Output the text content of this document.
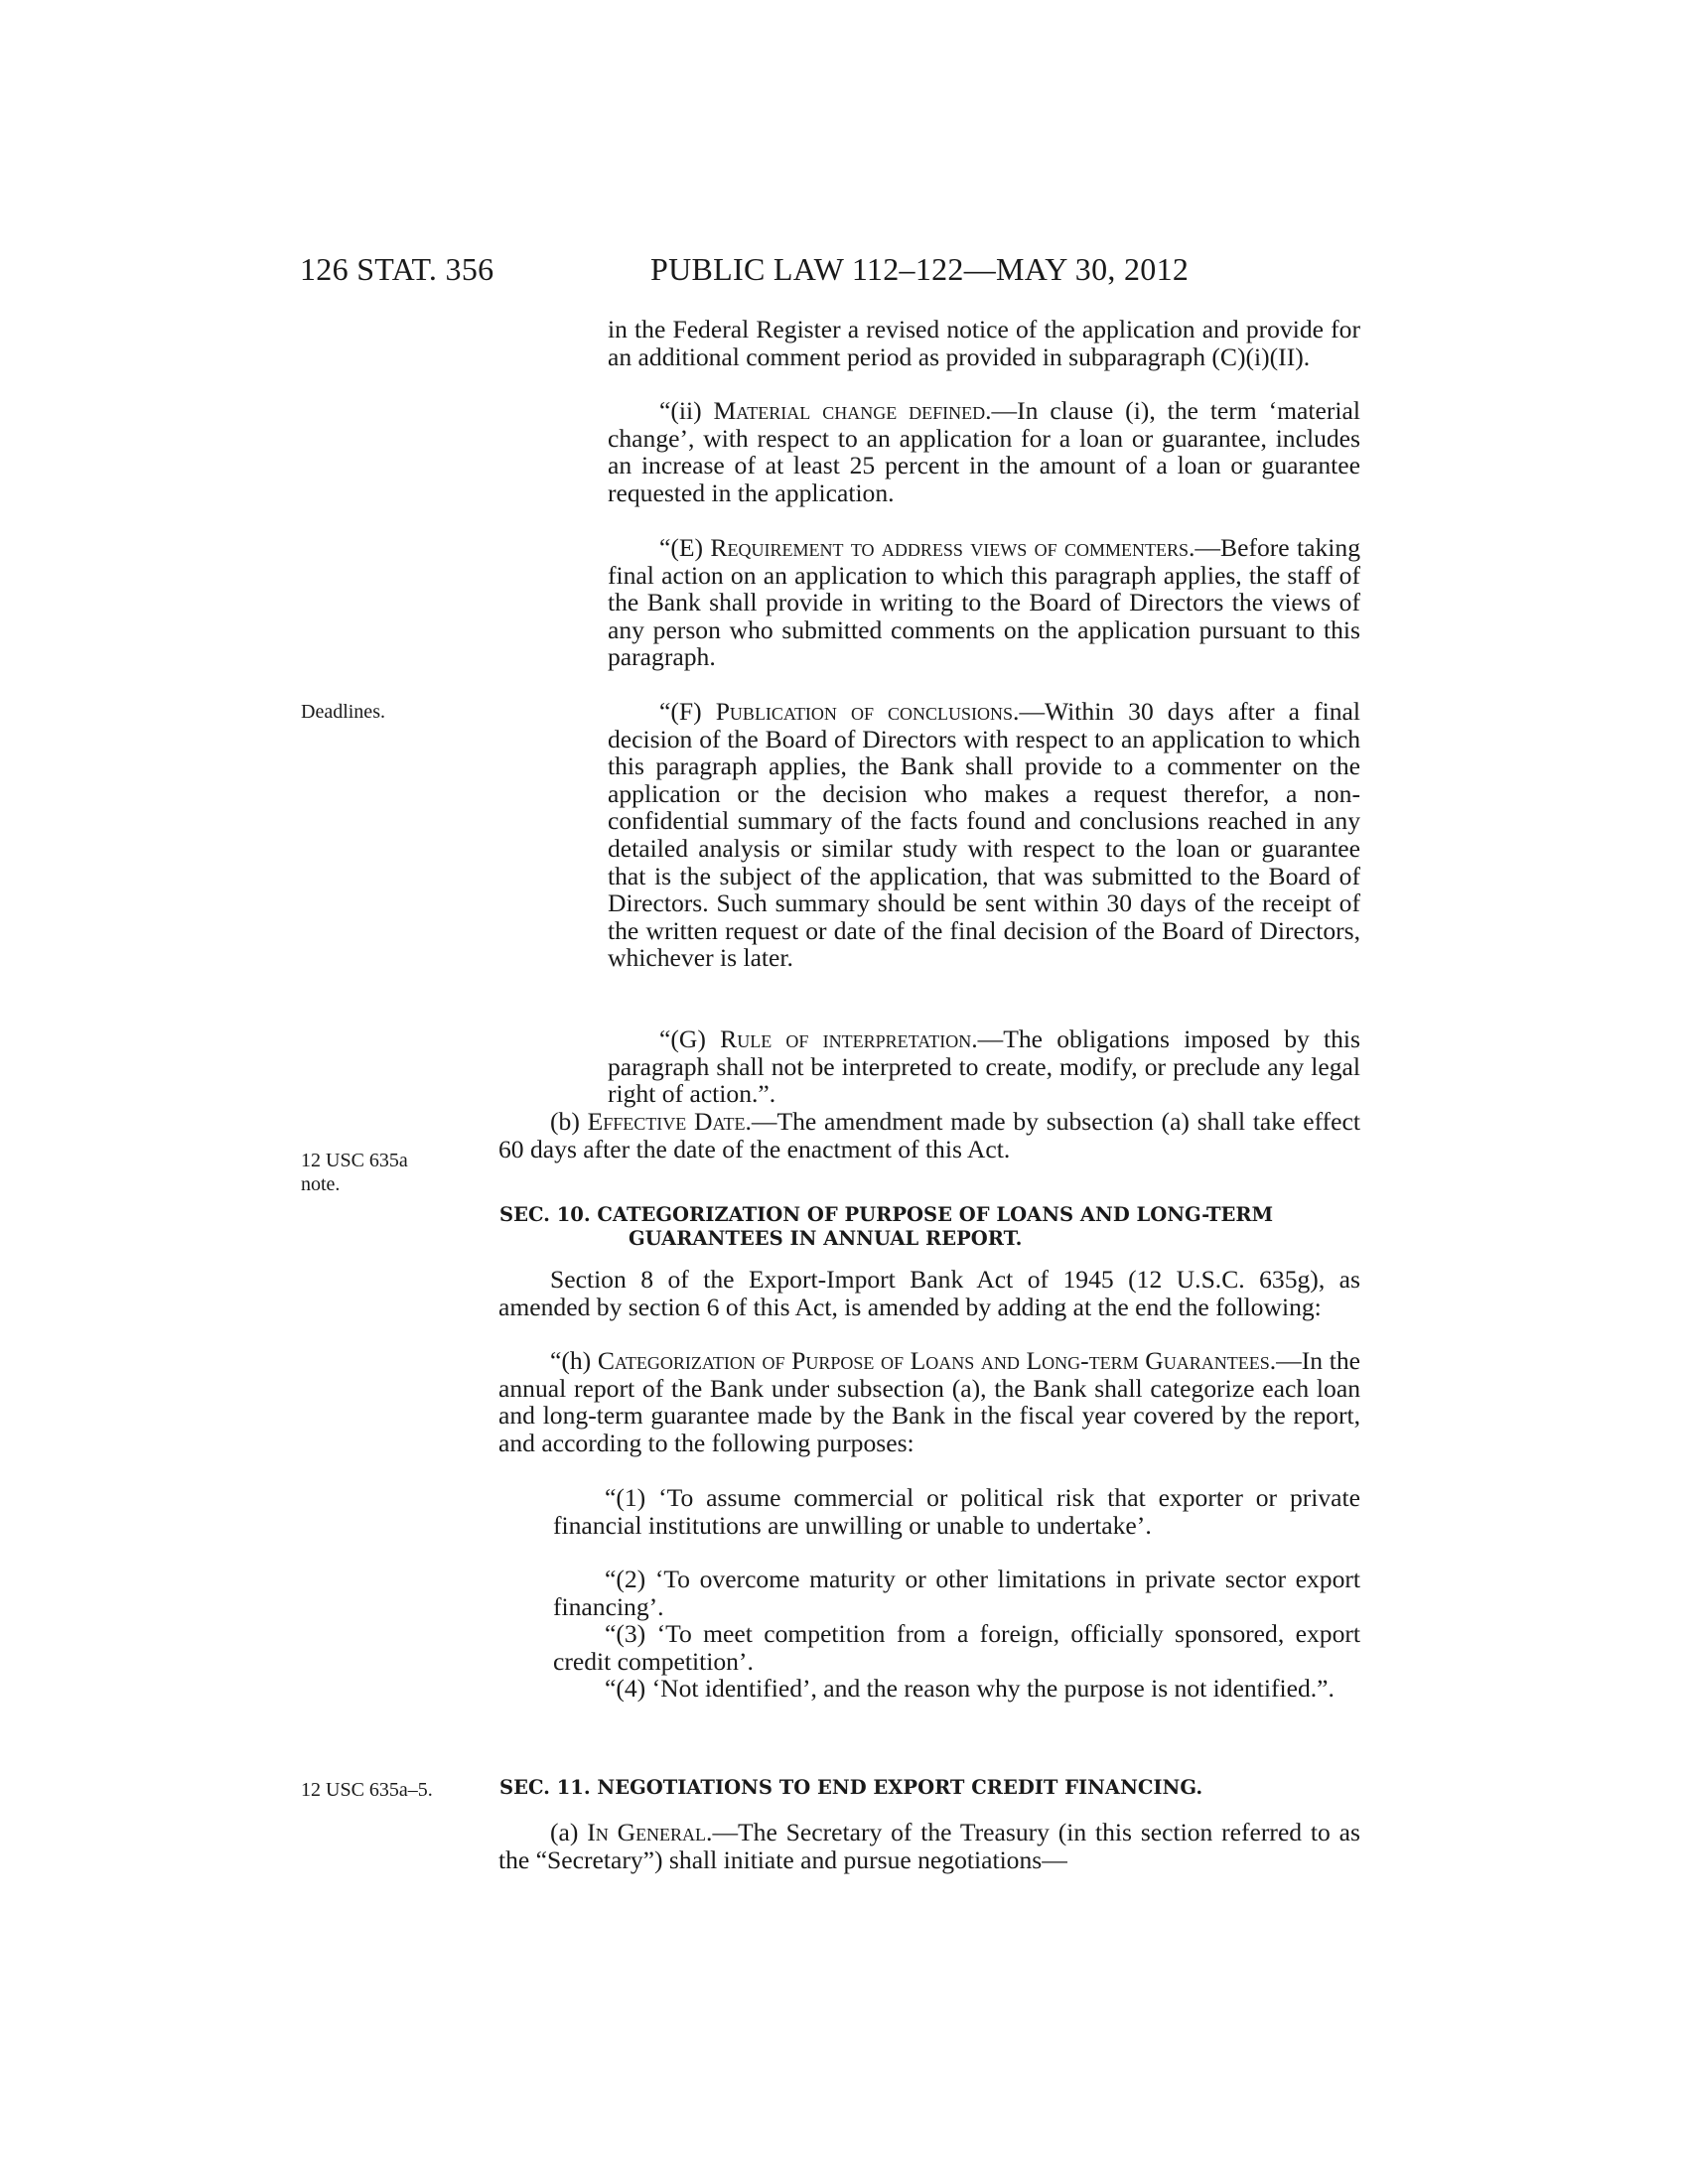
126 STAT. 356	PUBLIC LAW 112–122—MAY 30, 2012
Deadlines.
12 USC 635a
note.
12 USC 635a–5.
in the Federal Register a revised notice of the application and provide for an additional comment period as provided in subparagraph (C)(i)(II).
“(ii) Material change defined.—In clause (i), the term ‘material change’, with respect to an application for a loan or guarantee, includes an increase of at least 25 percent in the amount of a loan or guarantee requested in the application.
“(E) Requirement to address views of commenters.—Before taking final action on an application to which this paragraph applies, the staff of the Bank shall provide in writing to the Board of Directors the views of any person who submitted comments on the application pursuant to this paragraph.
“(F) Publication of conclusions.—Within 30 days after a final decision of the Board of Directors with respect to an application to which this paragraph applies, the Bank shall provide to a commenter on the application or the decision who makes a request therefor, a non-confidential summary of the facts found and conclusions reached in any detailed analysis or similar study with respect to the loan or guarantee that is the subject of the application, that was submitted to the Board of Directors. Such summary should be sent within 30 days of the receipt of the written request or date of the final decision of the Board of Directors, whichever is later.
“(G) Rule of interpretation.—The obligations imposed by this paragraph shall not be interpreted to create, modify, or preclude any legal right of action.”.
(b) Effective Date.—The amendment made by subsection (a) shall take effect 60 days after the date of the enactment of this Act.
SEC. 10. CATEGORIZATION OF PURPOSE OF LOANS AND LONG-TERM
GUARANTEES IN ANNUAL REPORT.
Section 8 of the Export-Import Bank Act of 1945 (12 U.S.C. 635g), as amended by section 6 of this Act, is amended by adding at the end the following:
“(h) Categorization of Purpose of Loans and Long-term Guarantees.—In the annual report of the Bank under subsection (a), the Bank shall categorize each loan and long-term guarantee made by the Bank in the fiscal year covered by the report, and according to the following purposes:
“(1) ‘To assume commercial or political risk that exporter or private financial institutions are unwilling or unable to undertake’.
“(2) ‘To overcome maturity or other limitations in private sector export financing’.
“(3) ‘To meet competition from a foreign, officially sponsored, export credit competition’.
“(4) ‘Not identified’, and the reason why the purpose is not identified.”.
SEC. 11. NEGOTIATIONS TO END EXPORT CREDIT FINANCING.
(a) In General.—The Secretary of the Treasury (in this section referred to as the “Secretary”) shall initiate and pursue negotiations—
